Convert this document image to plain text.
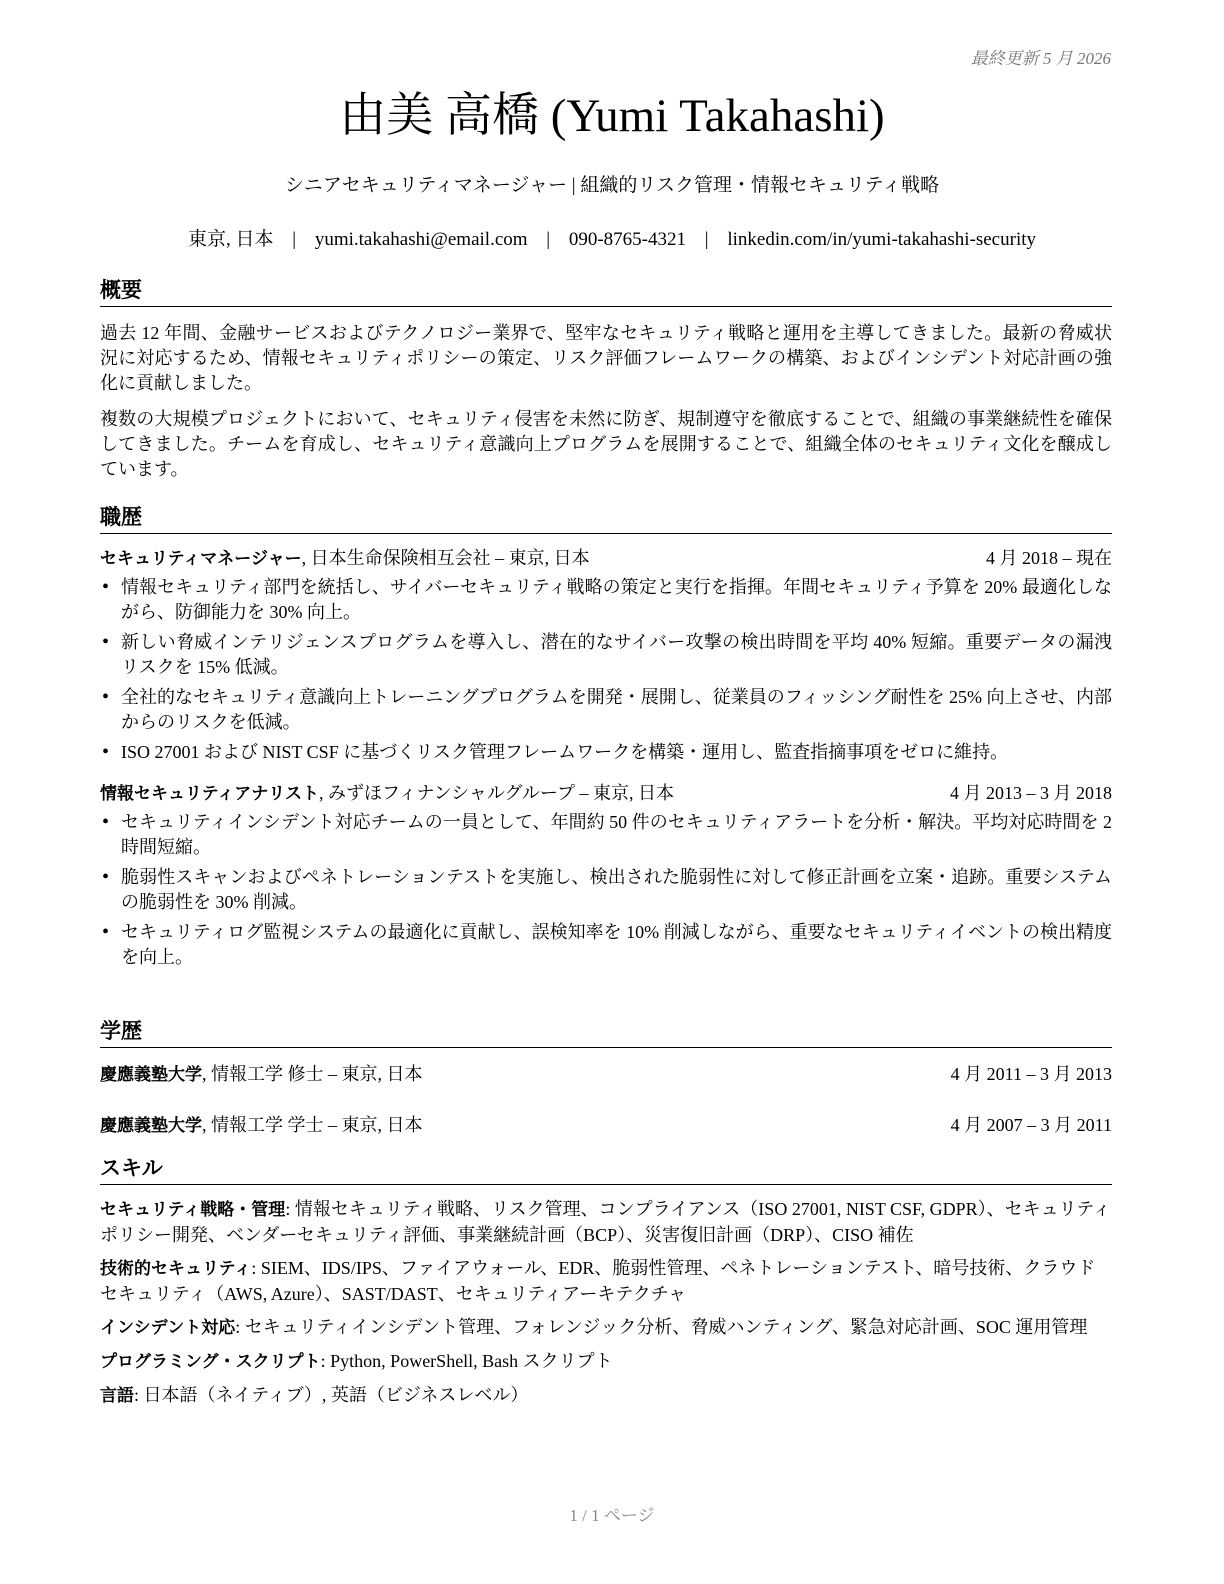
最終更新 5 月 2026
由美 高橋 (Yumi Takahashi)
シニアセキュリティマネージャー | 組織的リスク管理・情報セキュリティ戦略
東京, 日本 | yumi.takahashi@email.com | 090-8765-4321 | linkedin.com/in/yumi-takahashi-security
概要

過去 12 年間、金融サービスおよびテクノロジー業界で、堅牢なセキュリティ戦略と運用を主導してきました。最新の脅威状況に対応するため、情報セキュリティポリシーの策定、リスク評価フレームワークの構築、およびインシデント対応計画の強化に貢献しました。

複数の大規模プロジェクトにおいて、セキュリティ侵害を未然に防ぎ、規制遵守を徹底することで、組織の事業継続性を確保してきました。チームを育成し、セキュリティ意識向上プログラムを展開することで、組織全体のセキュリティ文化を醸成しています。

職歴
セキュリティマネージャー, 日本生命保険相互会社 – 東京, 日本	4 月 2018 – 現在
• 情報セキュリティ部門を統括し、サイバーセキュリティ戦略の策定と実行を指揮。年間セキュリティ予算を 20% 最適化しながら、防御能力を 30% 向上。
• 新しい脅威インテリジェンスプログラムを導入し、潜在的なサイバー攻撃の検出時間を平均 40% 短縮。重要データの漏洩リスクを 15% 低減。
• 全社的なセキュリティ意識向上トレーニングプログラムを開発・展開し、従業員のフィッシング耐性を 25% 向上させ、内部からのリスクを低減。
• ISO 27001 および NIST CSF に基づくリスク管理フレームワークを構築・運用し、監査指摘事項をゼロに維持。
情報セキュリティアナリスト, みずほフィナンシャルグループ – 東京, 日本	4 月 2013 – 3 月 2018
• セキュリティインシデント対応チームの一員として、年間約 50 件のセキュリティアラートを分析・解決。平均対応時間を 2 時間短縮。
• 脆弱性スキャンおよびペネトレーションテストを実施し、検出された脆弱性に対して修正計画を立案・追跡。重要システムの脆弱性を 30% 削減。
• セキュリティログ監視システムの最適化に貢献し、誤検知率を 10% 削減しながら、重要なセキュリティイベントの検出精度を向上。
学歴
慶應義塾大学, 情報工学 修士 – 東京, 日本	4 月 2011 – 3 月 2013
慶應義塾大学, 情報工学 学士 – 東京, 日本	4 月 2007 – 3 月 2011
スキル
セキュリティ戦略・管理: 情報セキュリティ戦略、リスク管理、コンプライアンス（ISO 27001, NIST CSF, GDPR）、セキュリティポリシー開発、ベンダーセキュリティ評価、事業継続計画（BCP）、災害復旧計画（DRP）、CISO 補佐
技術的セキュリティ: SIEM、IDS/IPS、ファイアウォール、EDR、脆弱性管理、ペネトレーションテスト、暗号技術、クラウドセキュリティ（AWS, Azure）、SAST/DAST、セキュリティアーキテクチャ
インシデント対応: セキュリティインシデント管理、フォレンジック分析、脅威ハンティング、緊急対応計画、SOC 運用管理
プログラミング・スクリプト: Python, PowerShell, Bash スクリプト
言語: 日本語（ネイティブ）, 英語（ビジネスレベル）
1 / 1 ページ
